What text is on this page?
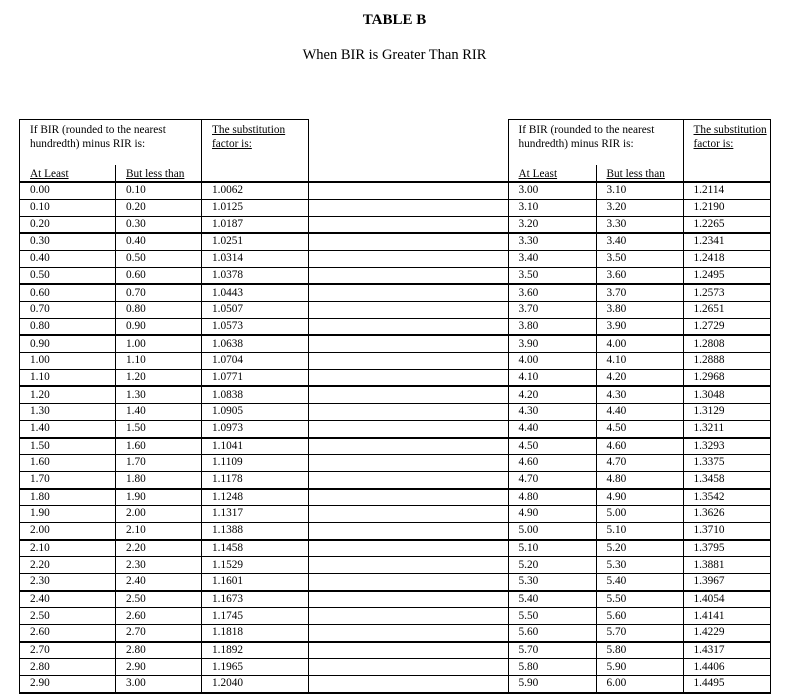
TABLE B
When BIR is Greater Than RIR
If BIR (rounded to the nearest hundredth) minus RIR is:		The substitution factor is:
At Least	But less than	
0.00	0.10	1.0062
0.10	0.20	1.0125
0.20	0.30	1.0187
0.30	0.40	1.0251
0.40	0.50	1.0314
0.50	0.60	1.0378
0.60	0.70	1.0443
0.70	0.80	1.0507
0.80	0.90	1.0573
0.90	1.00	1.0638
1.00	1.10	1.0704
1.10	1.20	1.0771
1.20	1.30	1.0838
1.30	1.40	1.0905
1.40	1.50	1.0973
1.50	1.60	1.1041
1.60	1.70	1.1109
1.70	1.80	1.1178
1.80	1.90	1.1248
1.90	2.00	1.1317
2.00	2.10	1.1388
2.10	2.20	1.1458
2.20	2.30	1.1529
2.30	2.40	1.1601
2.40	2.50	1.1673
2.50	2.60	1.1745
2.60	2.70	1.1818
2.70	2.80	1.1892
2.80	2.90	1.1965
2.90	3.00	1.2040
	If BIR (rounded to the nearest hundredth) minus RIR is:		The substitution factor is:
	At Least	But less than	
	3.00	3.10	1.2114
	3.10	3.20	1.2190
	3.20	3.30	1.2265
	3.30	3.40	1.2341
	3.40	3.50	1.2418
	3.50	3.60	1.2495
	3.60	3.70	1.2573
	3.70	3.80	1.2651
	3.80	3.90	1.2729
	3.90	4.00	1.2808
	4.00	4.10	1.2888
	4.10	4.20	1.2968
	4.20	4.30	1.3048
	4.30	4.40	1.3129
	4.40	4.50	1.3211
	4.50	4.60	1.3293
	4.60	4.70	1.3375
	4.70	4.80	1.3458
	4.80	4.90	1.3542
	4.90	5.00	1.3626
	5.00	5.10	1.3710
	5.10	5.20	1.3795
	5.20	5.30	1.3881
	5.30	5.40	1.3967
	5.40	5.50	1.4054
	5.50	5.60	1.4141
	5.60	5.70	1.4229
	5.70	5.80	1.4317
	5.80	5.90	1.4406
	5.90	6.00	1.4495
